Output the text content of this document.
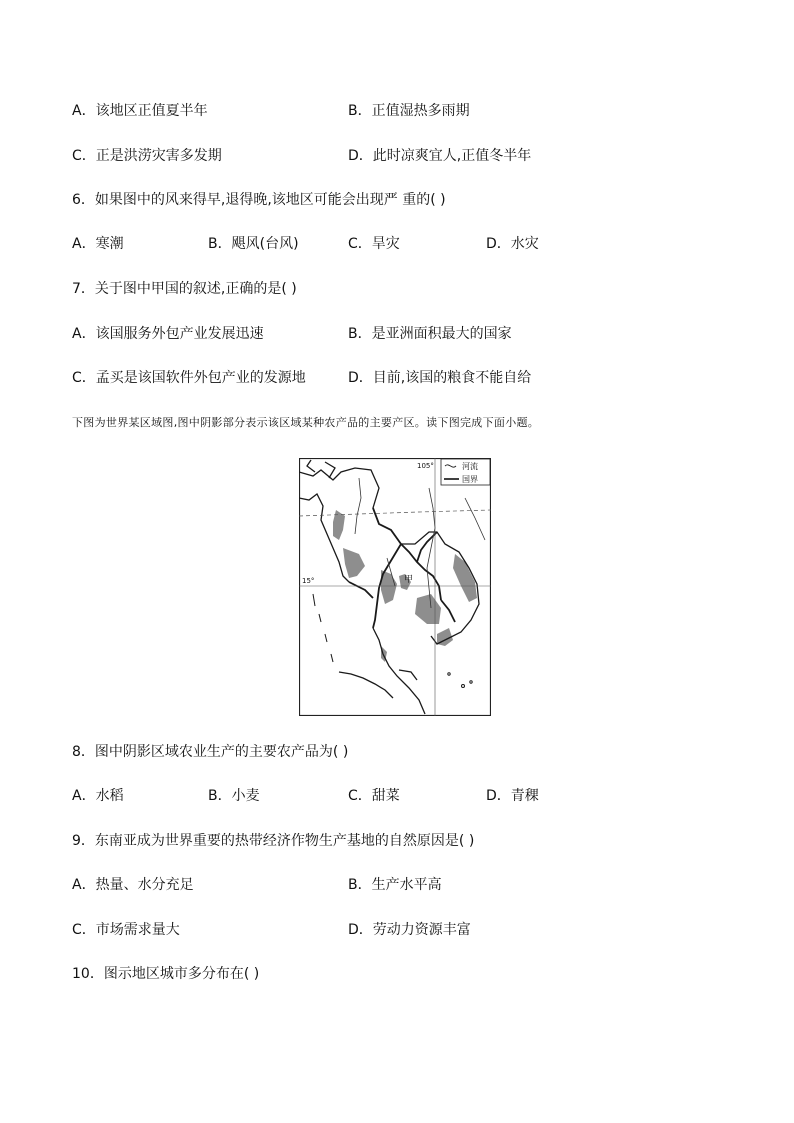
A．该地区正值夏半年	B．正值湿热多雨期
C．正是洪涝灾害多发期	D．此时凉爽宜人,正值冬半年
6．如果图中的风来得早,退得晚,该地区可能会出现严 重的( )
A．寒潮	B．飓风(台风)	C．旱灾	D．水灾
7．关于图中甲国的叙述,正确的是( )
A．该国服务外包产业发展迅速	B．是亚洲面积最大的国家
C．孟买是该国软件外包产业的发源地	D．目前,该国的粮食不能自给
下图为世界某区域图,图中阴影部分表示该区域某种农产品的主要产区。读下图完成下面小题。
河流
国界
105°
15°	甲
8．图中阴影区域农业生产的主要农产品为( )
A．水稻	B．小麦	C．甜菜	D．青稞
9．东南亚成为世界重要的热带经济作物生产基地的自然原因是( )
A．热量、水分充足	B．生产水平高
C．市场需求量大	D．劳动力资源丰富
10．图示地区城市多分布在( )
